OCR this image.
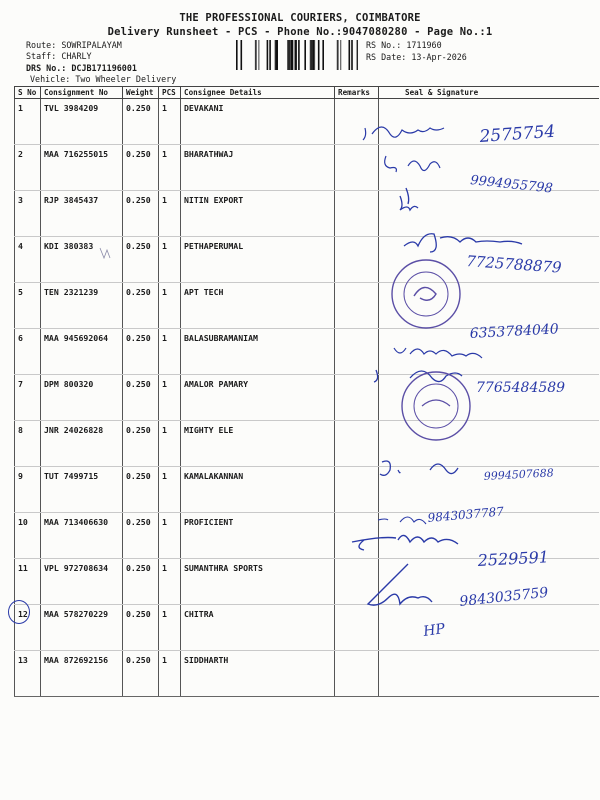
THE PROFESSIONAL COURIERS, COIMBATORE
Delivery Runsheet - PCS - Phone No.:9047080280 - Page No.:1
Route: SOWRIPALAYAM
Staff: CHARLY
DRS No.: DCJB171196001
Vehicle: Two Wheeler Delivery
RS No.: 1711960
RS Date: 13-Apr-2026
S No	Consignment No	Weight	PCS	Consignee Details	Remarks	Seal & Signature
1	TVL 3984209	0.250	1	DEVAKANI		
2	MAA 716255015	0.250	1	BHARATHWAJ		
3	RJP 3845437	0.250	1	NITIN EXPORT		
4	KDI 380383	0.250	1	PETHAPERUMAL		
5	TEN 2321239	0.250	1	APT TECH		
6	MAA 945692064	0.250	1	BALASUBRAMANIAM		
7	DPM 800320	0.250	1	AMALOR PAMARY		
8	JNR 24026828	0.250	1	MIGHTY ELE		
9	TUT 7499715	0.250	1	KAMALAKANNAN		
10	MAA 713406630	0.250	1	PROFICIENT		
11	VPL 972708634	0.250	1	SUMANTHRA SPORTS		
12	MAA 578270229	0.250	1	CHITRA		
13	MAA 872692156	0.250	1	SIDDHARTH		
2575754
9994955798
7725788879
6353784040
7765484589
9994507688
9843037787
2529591
9843035759
HP
